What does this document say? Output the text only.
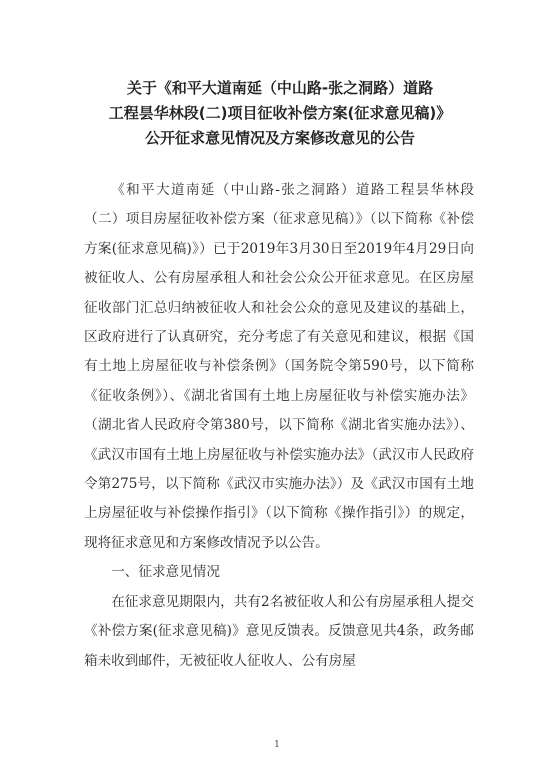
关于《和平大道南延（中山路-张之洞路）道路
工程昙华林段(二)项目征收补偿方案(征求意见稿)》
公开征求意见情况及方案修改意见的公告

《和平大道南延（中山路-张之洞路）道路工程昙华林段（二）项目房屋征收补偿方案（征求意见稿）》（以下简称《补偿方案(征求意见稿)》）已于2019年3月30日至2019年4月29日向被征收人、公有房屋承租人和社会公众公开征求意见。在区房屋征收部门汇总归纳被征收人和社会公众的意见及建议的基础上，区政府进行了认真研究，充分考虑了有关意见和建议，根据《国有土地上房屋征收与补偿条例》（国务院令第590号，以下简称《征收条例》）、《湖北省国有土地上房屋征收与补偿实施办法》（湖北省人民政府令第380号，以下简称《湖北省实施办法》）、《武汉市国有土地上房屋征收与补偿实施办法》（武汉市人民政府令第275号，以下简称《武汉市实施办法》）及《武汉市国有土地上房屋征收与补偿操作指引》（以下简称《操作指引》）的规定，现将征求意见和方案修改情况予以公告。

一、征求意见情况

在征求意见期限内，共有2名被征收人和公有房屋承租人提交《补偿方案(征求意见稿)》意见反馈表。反馈意见共4条，政务邮箱未收到邮件，无被征收人征收人、公有房屋

1
